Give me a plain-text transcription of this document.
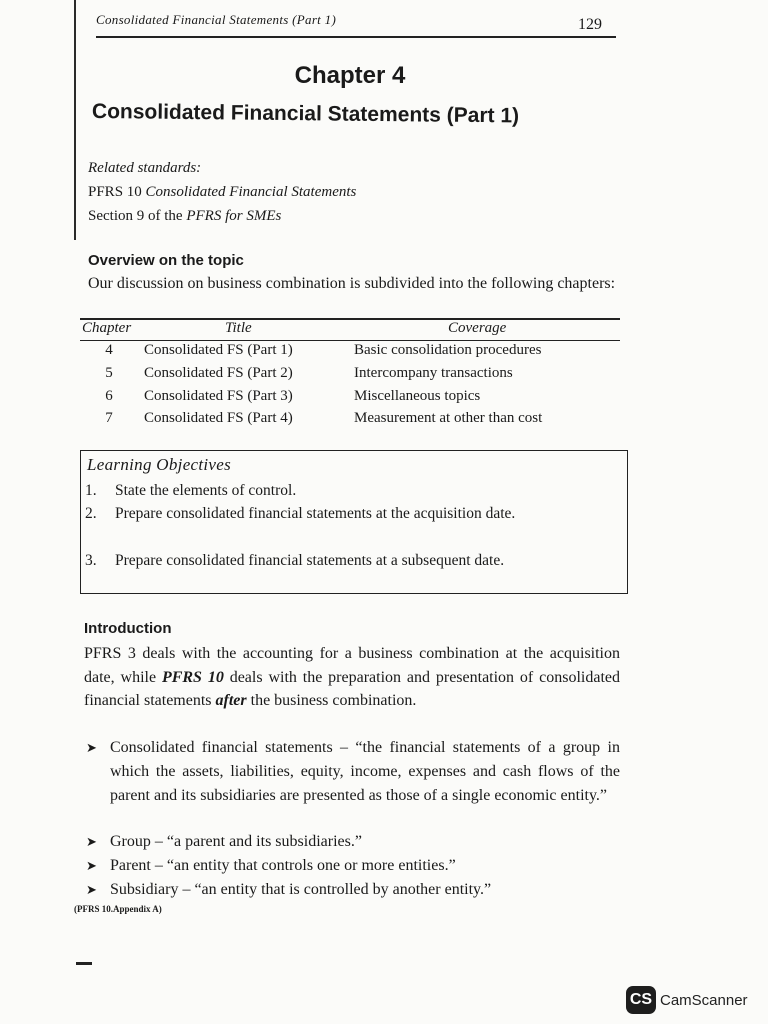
Consolidated Financial Statements (Part 1)	129
Chapter 4
Consolidated Financial Statements (Part 1)
Related standards:
PFRS 10 Consolidated Financial Statements
Section 9 of the PFRS for SMEs
Overview on the topic
Our discussion on business combination is subdivided into the following chapters:
Chapter	Title	Coverage
4 Consolidated FS (Part 1)	Basic consolidation procedures
5 Consolidated FS (Part 2)	Intercompany transactions
6 Consolidated FS (Part 3)	Miscellaneous topics
7 Consolidated FS (Part 4)	Measurement at other than cost
Learning Objectives
1.	State the elements of control.
2.	Prepare consolidated financial statements at the acquisition date.
3.	Prepare consolidated financial statements at a subsequent date.
Introduction
PFRS 3 deals with the accounting for a business combination at the acquisition date, while PFRS 10 deals with the preparation and presentation of consolidated financial statements after the business combination.
➤ Consolidated financial statements – “the financial statements of a group in which the assets, liabilities, equity, income, expenses and cash flows of the parent and its subsidiaries are presented as those of a single economic entity.”
➤ Group – “a parent and its subsidiaries.”
➤ Parent – “an entity that controls one or more entities.”
➤ Subsidiary – “an entity that is controlled by another entity.”
(PFRS 10.Appendix A)
CS CamScanner
